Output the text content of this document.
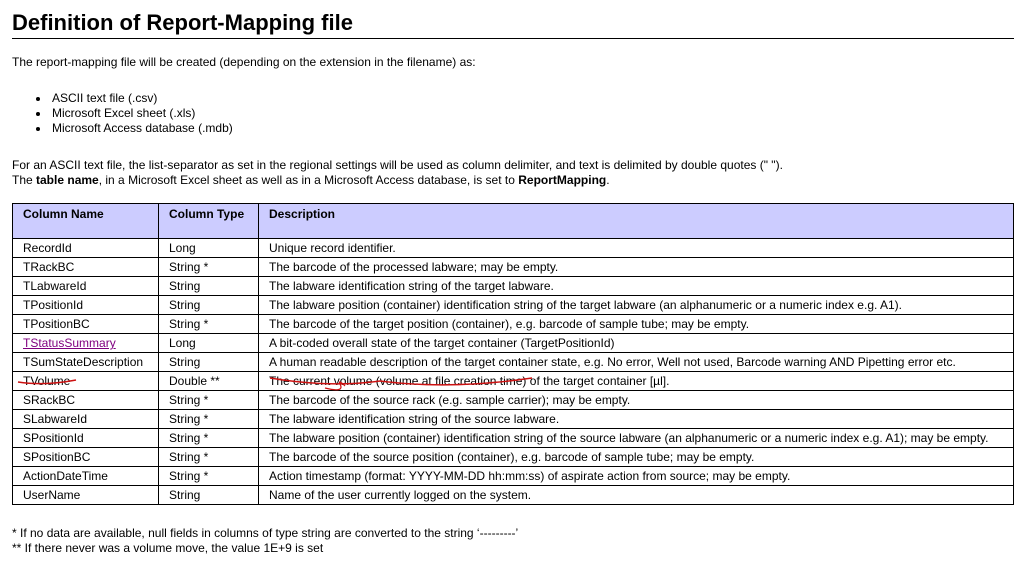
Definition of Report-Mapping file
The report-mapping file will be created (depending on the extension in the filename) as:
• ASCII text file (.csv)
• Microsoft Excel sheet (.xls)
• Microsoft Access database (.mdb)
For an ASCII text file, the list-separator as set in the regional settings will be used as column delimiter, and text is delimited by double quotes (" ").
The table name, in a Microsoft Excel sheet as well as in a Microsoft Access database, is set to ReportMapping.
Column Name	Column Type	Description
RecordId	Long	Unique record identifier.
TRackBC	String *	The barcode of the processed labware; may be empty.
TLabwareId	String	The labware identification string of the target labware.
TPositionId	String	The labware position (container) identification string of the target labware (an alphanumeric or a numeric index e.g. A1).
TPositionBC	String *	The barcode of the target position (container), e.g. barcode of sample tube; may be empty.
TStatusSummary	Long	A bit-coded overall state of the target container (TargetPositionId)
TSumStateDescription	String	A human readable description of the target container state, e.g. No error, Well not used, Barcode warning AND Pipetting error etc.
TVolume	Double **	The current volume (volume at file creation time) of the target container [µl].
SRackBC	String *	The barcode of the source rack (e.g. sample carrier); may be empty.
SLabwareId	String *	The labware identification string of the source labware.
SPositionId	String *	The labware position (container) identification string of the source labware (an alphanumeric or a numeric index e.g. A1); may be empty.
SPositionBC	String *	The barcode of the source position (container), e.g. barcode of sample tube; may be empty.
ActionDateTime	String *	Action timestamp (format: YYYY-MM-DD hh:mm:ss) of aspirate action from source; may be empty.
UserName	String	Name of the user currently logged on the system.
* If no data are available, null fields in columns of type string are converted to the string ‘---------’
** If there never was a volume move, the value 1E+9 is set
